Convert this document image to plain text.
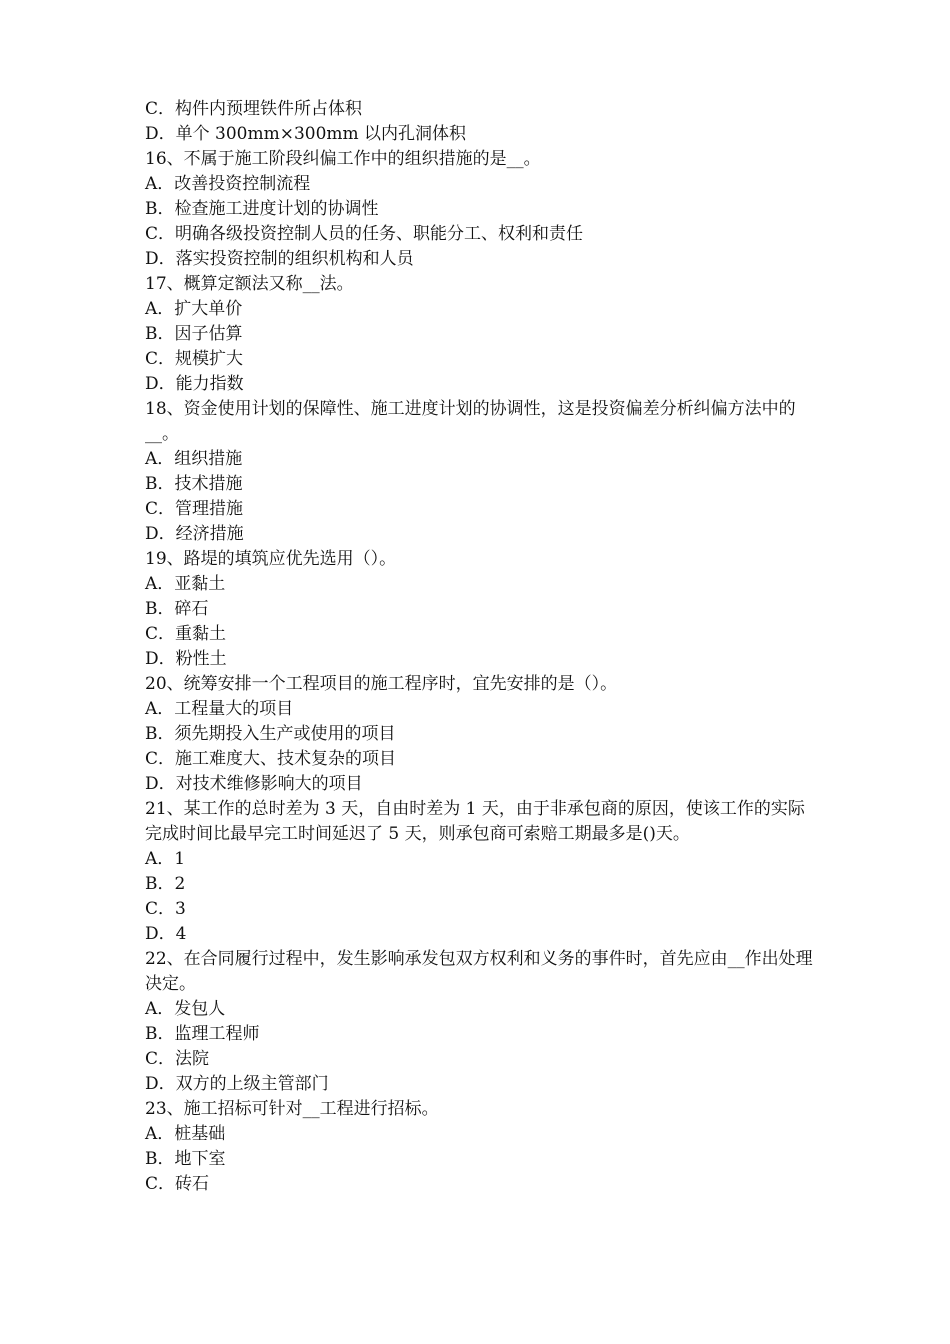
C．构件内预埋铁件所占体积
D．单个 300mm×300mm 以内孔洞体积
16、不属于施工阶段纠偏工作中的组织措施的是__。
A．改善投资控制流程
B．检查施工进度计划的协调性
C．明确各级投资控制人员的任务、职能分工、权利和责任
D．落实投资控制的组织机构和人员
17、概算定额法又称__法。
A．扩大单价
B．因子估算
C．规模扩大
D．能力指数
18、资金使用计划的保障性、施工进度计划的协调性，这是投资偏差分析纠偏方法中的__。
A．组织措施
B．技术措施
C．管理措施
D．经济措施
19、路堤的填筑应优先选用（）。
A．亚黏土
B．碎石
C．重黏土
D．粉性土
20、统筹安排一个工程项目的施工程序时，宜先安排的是（）。
A．工程量大的项目
B．须先期投入生产或使用的项目
C．施工难度大、技术复杂的项目
D．对技术维修影响大的项目
21、某工作的总时差为 3 天，自由时差为 1 天，由于非承包商的原因，使该工作的实际完成时间比最早完工时间延迟了 5 天，则承包商可索赔工期最多是()天。
A．1
B．2
C．3
D．4
22、在合同履行过程中，发生影响承发包双方权利和义务的事件时，首先应由__作出处理决定。
A．发包人
B．监理工程师
C．法院
D．双方的上级主管部门
23、施工招标可针对__工程进行招标。
A．桩基础
B．地下室
C．砖石
